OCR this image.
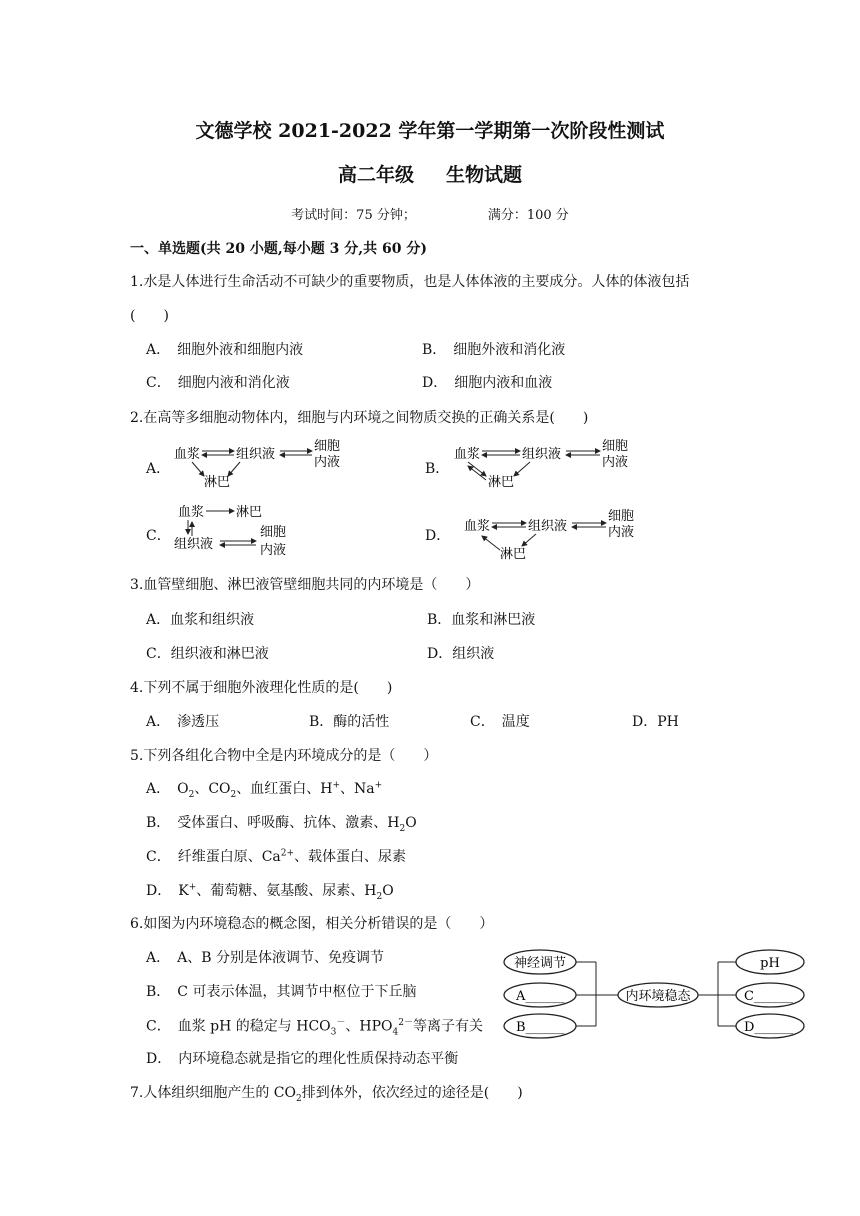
文德学校 2021-2022 学年第一学期第一次阶段性测试
高二年级 生物试题
考试时间：75 分钟；	满分：100 分
一、单选题(共 20 小题,每小题 3 分,共 60 分)
1.水是人体进行生命活动不可缺少的重要物质，也是人体体液的主要成分。人体的体液包括
(　　)
A．　细胞外液和细胞内液	B．　细胞外液和消化液
C．　细胞内液和消化液	D．　细胞内液和血液
2.在高等多细胞动物体内，细胞与内环境之间物质交换的正确关系是(　　)
A．
血浆	组织液
细胞
内液
淋巴
B．
血浆	组织液
细胞
内液
淋巴
C．
血浆 淋巴
组织液
细胞
内液
D．
血浆	组织液
细胞
内液
淋巴
3.血管壁细胞、淋巴液管壁细胞共同的内环境是（　　）
A．血浆和组织液	B．血浆和淋巴液
C．组织液和淋巴液	D．组织液
4.下列不属于细胞外液理化性质的是(　　)
A．　渗透压	B．酶的活性	C．　温度	D．PH
5.下列各组化合物中全是内环境成分的是（　　）
A．　$O_2$、$CO_2$、血红蛋白、H+、Na+
B．　受体蛋白、呼吸酶、抗体、激素、$H_2O$
C．　纤维蛋白原、$Ca^{2+}$、载体蛋白、尿素
D．　K+、葡萄糖、氨基酸、尿素、$H_2O$
6.如图为内环境稳态的概念图，相关分析错误的是（　　）
A．　A、B 分别是体液调节、免疫调节
B．　C 可表示体温，其调节中枢位于下丘脑
C．　血浆 pH 的稳定与 $HCO_3^-$、$HPO_4^{2-}$等离子有关
D．　内环境稳态就是指它的理化性质保持动态平衡
神经调节
A______
B______
内环境稳态
pH
C______
D______
7.人体组织细胞产生的 $CO_2$排到体外，依次经过的途径是(　　)
